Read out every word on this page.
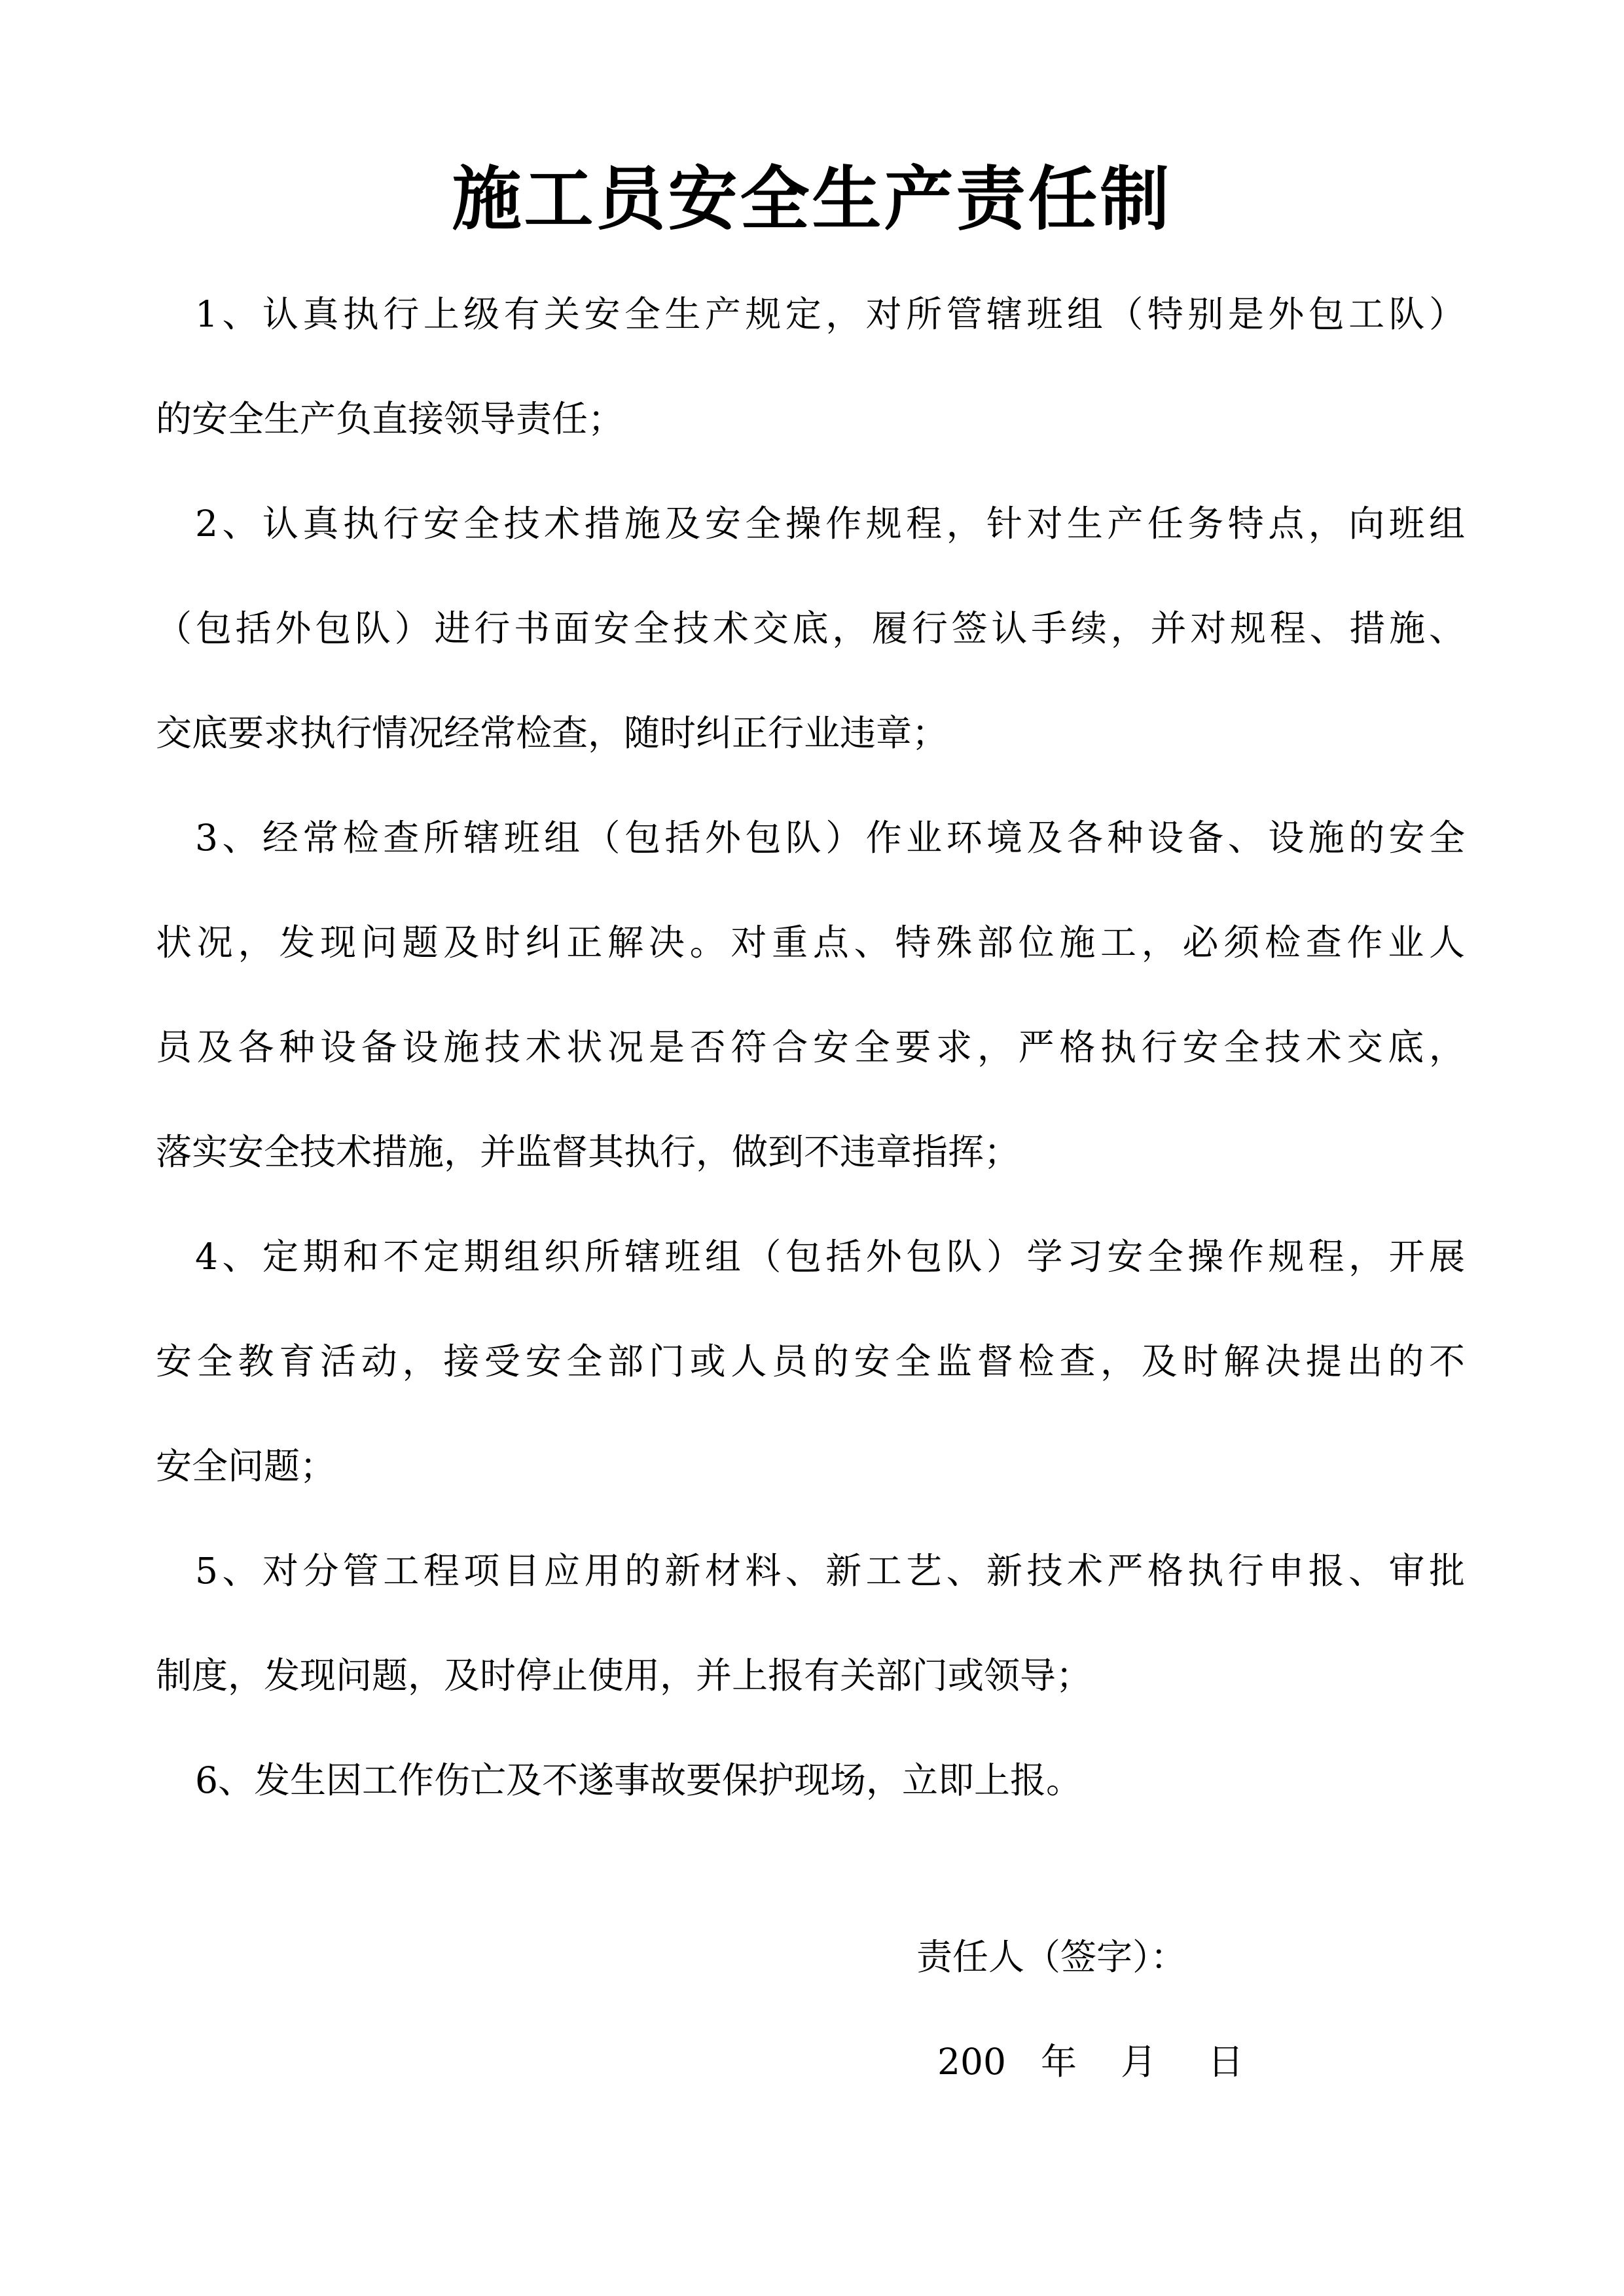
施工员安全生产责任制
1、认真执行上级有关安全生产规定，对所管辖班组（特别是外包工队）
的安全生产负直接领导责任；
2、认真执行安全技术措施及安全操作规程，针对生产任务特点，向班组
（包括外包队）进行书面安全技术交底，履行签认手续，并对规程、措施、
交底要求执行情况经常检查，随时纠正行业违章；
3、经常检查所辖班组（包括外包队）作业环境及各种设备、设施的安全
状况，发现问题及时纠正解决。对重点、特殊部位施工，必须检查作业人
员及各种设备设施技术状况是否符合安全要求，严格执行安全技术交底，
落实安全技术措施，并监督其执行，做到不违章指挥；
4、定期和不定期组织所辖班组（包括外包队）学习安全操作规程，开展
安全教育活动，接受安全部门或人员的安全监督检查，及时解决提出的不
安全问题；
5、对分管工程项目应用的新材料、新工艺、新技术严格执行申报、审批
制度，发现问题，及时停止使用，并上报有关部门或领导；
6、发生因工作伤亡及不遂事故要保护现场，立即上报。
责任人（签字）：
200 年 月 日
